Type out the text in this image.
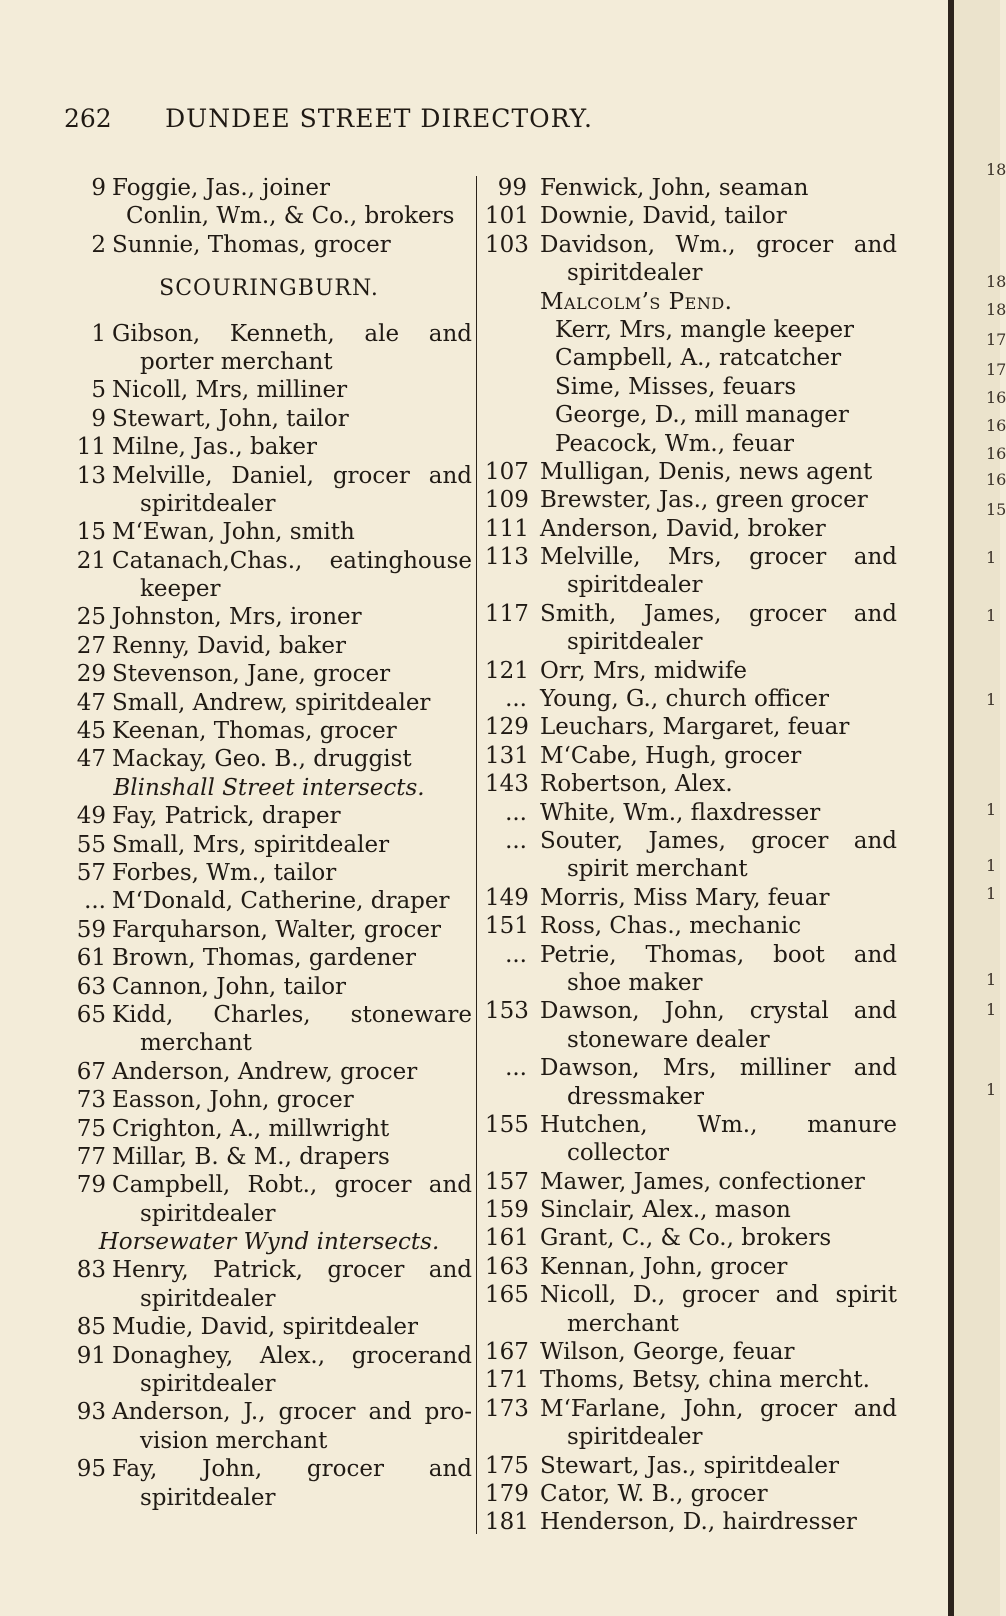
262	DUNDEE STREET DIRECTORY.
9 Foggie, Jas., joiner
Conlin, Wm., & Co., brokers
2 Sunnie, Thomas, grocer
SCOURINGBURN.
1 Gibson, Kenneth, ale and
porter merchant
5 Nicoll, Mrs, milliner
9 Stewart, John, tailor
11 Milne, Jas., baker
13 Melville, Daniel, grocer and
spiritdealer
15 M‘Ewan, John, smith
21 Catanach,Chas., eatinghouse
keeper
25 Johnston, Mrs, ironer
27 Renny, David, baker
29 Stevenson, Jane, grocer
47 Small, Andrew, spiritdealer
45 Keenan, Thomas, grocer
47 Mackay, Geo. B., druggist
Blinshall Street intersects.
49 Fay, Patrick, draper
55 Small, Mrs, spiritdealer
57 Forbes, Wm., tailor
... M‘Donald, Catherine, draper
59 Farquharson, Walter, grocer
61 Brown, Thomas, gardener
63 Cannon, John, tailor
65 Kidd, Charles, stoneware
merchant
67 Anderson, Andrew, grocer
73 Easson, John, grocer
75 Crighton, A., millwright
77 Millar, B. & M., drapers
79 Campbell, Robt., grocer and
spiritdealer
Horsewater Wynd intersects.
83 Henry, Patrick, grocer and
spiritdealer
85 Mudie, David, spiritdealer
91 Donaghey, Alex., grocerand
spiritdealer
93 Anderson, J., grocer and pro-
vision merchant
95 Fay, John, grocer and
spiritdealer
99 Fenwick, John, seaman
101 Downie, David, tailor
103 Davidson, Wm., grocer and
spiritdealer
Malcolm’s Pend.
Kerr, Mrs, mangle keeper
Campbell, A., ratcatcher
Sime, Misses, feuars
George, D., mill manager
Peacock, Wm., feuar
107 Mulligan, Denis, news agent
109 Brewster, Jas., green grocer
111 Anderson, David, broker
113 Melville, Mrs, grocer and
spiritdealer
117 Smith, James, grocer and
spiritdealer
121 Orr, Mrs, midwife
... Young, G., church officer
129 Leuchars, Margaret, feuar
131 M‘Cabe, Hugh, grocer
143 Robertson, Alex.
... White, Wm., flaxdresser
... Souter, James, grocer and
spirit merchant
149 Morris, Miss Mary, feuar
151 Ross, Chas., mechanic
... Petrie, Thomas, boot and
shoe maker
153 Dawson, John, crystal and
stoneware dealer
... Dawson, Mrs, milliner and
dressmaker
155 Hutchen, Wm., manure
collector
157 Mawer, James, confectioner
159 Sinclair, Alex., mason
161 Grant, C., & Co., brokers
163 Kennan, John, grocer
165 Nicoll, D., grocer and spirit
merchant
167 Wilson, George, feuar
171 Thoms, Betsy, china mercht.
173 M‘Farlane, John, grocer and
spiritdealer
175 Stewart, Jas., spiritdealer
179 Cator, W. B., grocer
181 Henderson, D., hairdresser
18
18
18
17
17
16
16
16
16
15
1
1
1
1
1
1
1
1
1
